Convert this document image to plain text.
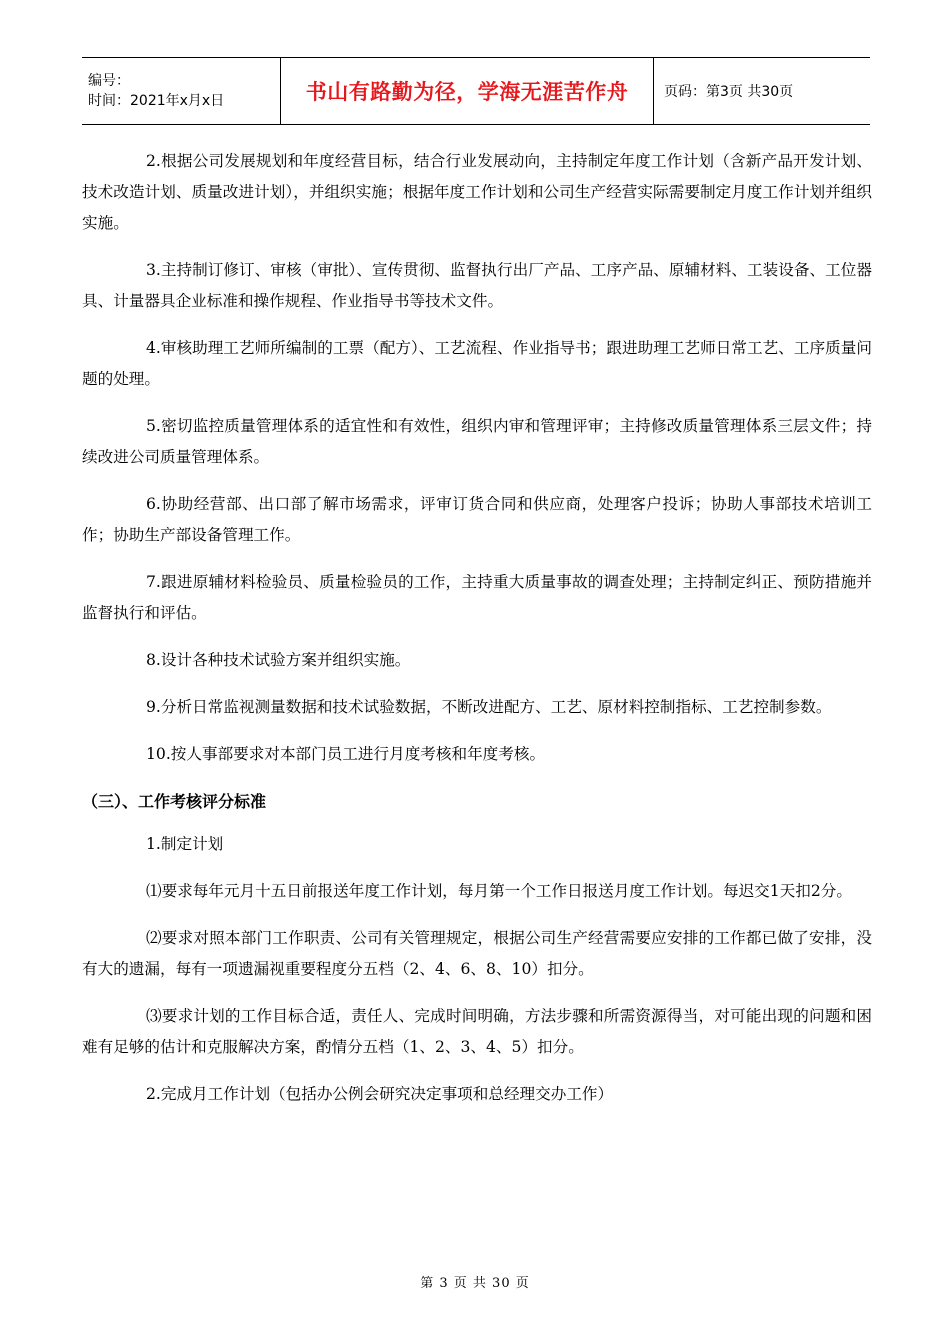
编号：
时间：2021年x月x日	书山有路勤为径，学海无涯苦作舟	页码：第3页 共30页

2.根据公司发展规划和年度经营目标，结合行业发展动向，主持制定年度工作计划（含新产品开发计划、技术改造计划、质量改进计划），并组织实施；根据年度工作计划和公司生产经营实际需要制定月度工作计划并组织实施。

3.主持制订修订、审核（审批）、宣传贯彻、监督执行出厂产品、工序产品、原辅材料、工装设备、工位器具、计量器具企业标准和操作规程、作业指导书等技术文件。

4.审核助理工艺师所编制的工票（配方）、工艺流程、作业指导书；跟进助理工艺师日常工艺、工序质量问题的处理。

5.密切监控质量管理体系的适宜性和有效性，组织内审和管理评审；主持修改质量管理体系三层文件；持续改进公司质量管理体系。

6.协助经营部、出口部了解市场需求，评审订货合同和供应商，处理客户投诉；协助人事部技术培训工作；协助生产部设备管理工作。

7.跟进原辅材料检验员、质量检验员的工作，主持重大质量事故的调查处理；主持制定纠正、预防措施并监督执行和评估。

8.设计各种技术试验方案并组织实施。

9.分析日常监视测量数据和技术试验数据，不断改进配方、工艺、原材料控制指标、工艺控制参数。

10.按人事部要求对本部门员工进行月度考核和年度考核。

（三）、工作考核评分标准

1.制定计划

⑴要求每年元月十五日前报送年度工作计划，每月第一个工作日报送月度工作计划。每迟交1天扣2分。

⑵要求对照本部门工作职责、公司有关管理规定，根据公司生产经营需要应安排的工作都已做了安排，没有大的遗漏，每有一项遗漏视重要程度分五档（2、4、6、8、10）扣分。

⑶要求计划的工作目标合适，责任人、完成时间明确，方法步骤和所需资源得当，对可能出现的问题和困难有足够的估计和克服解决方案，酌情分五档（1、2、3、4、5）扣分。

2.完成月工作计划（包括办公例会研究决定事项和总经理交办工作）

第 3 页 共 30 页
